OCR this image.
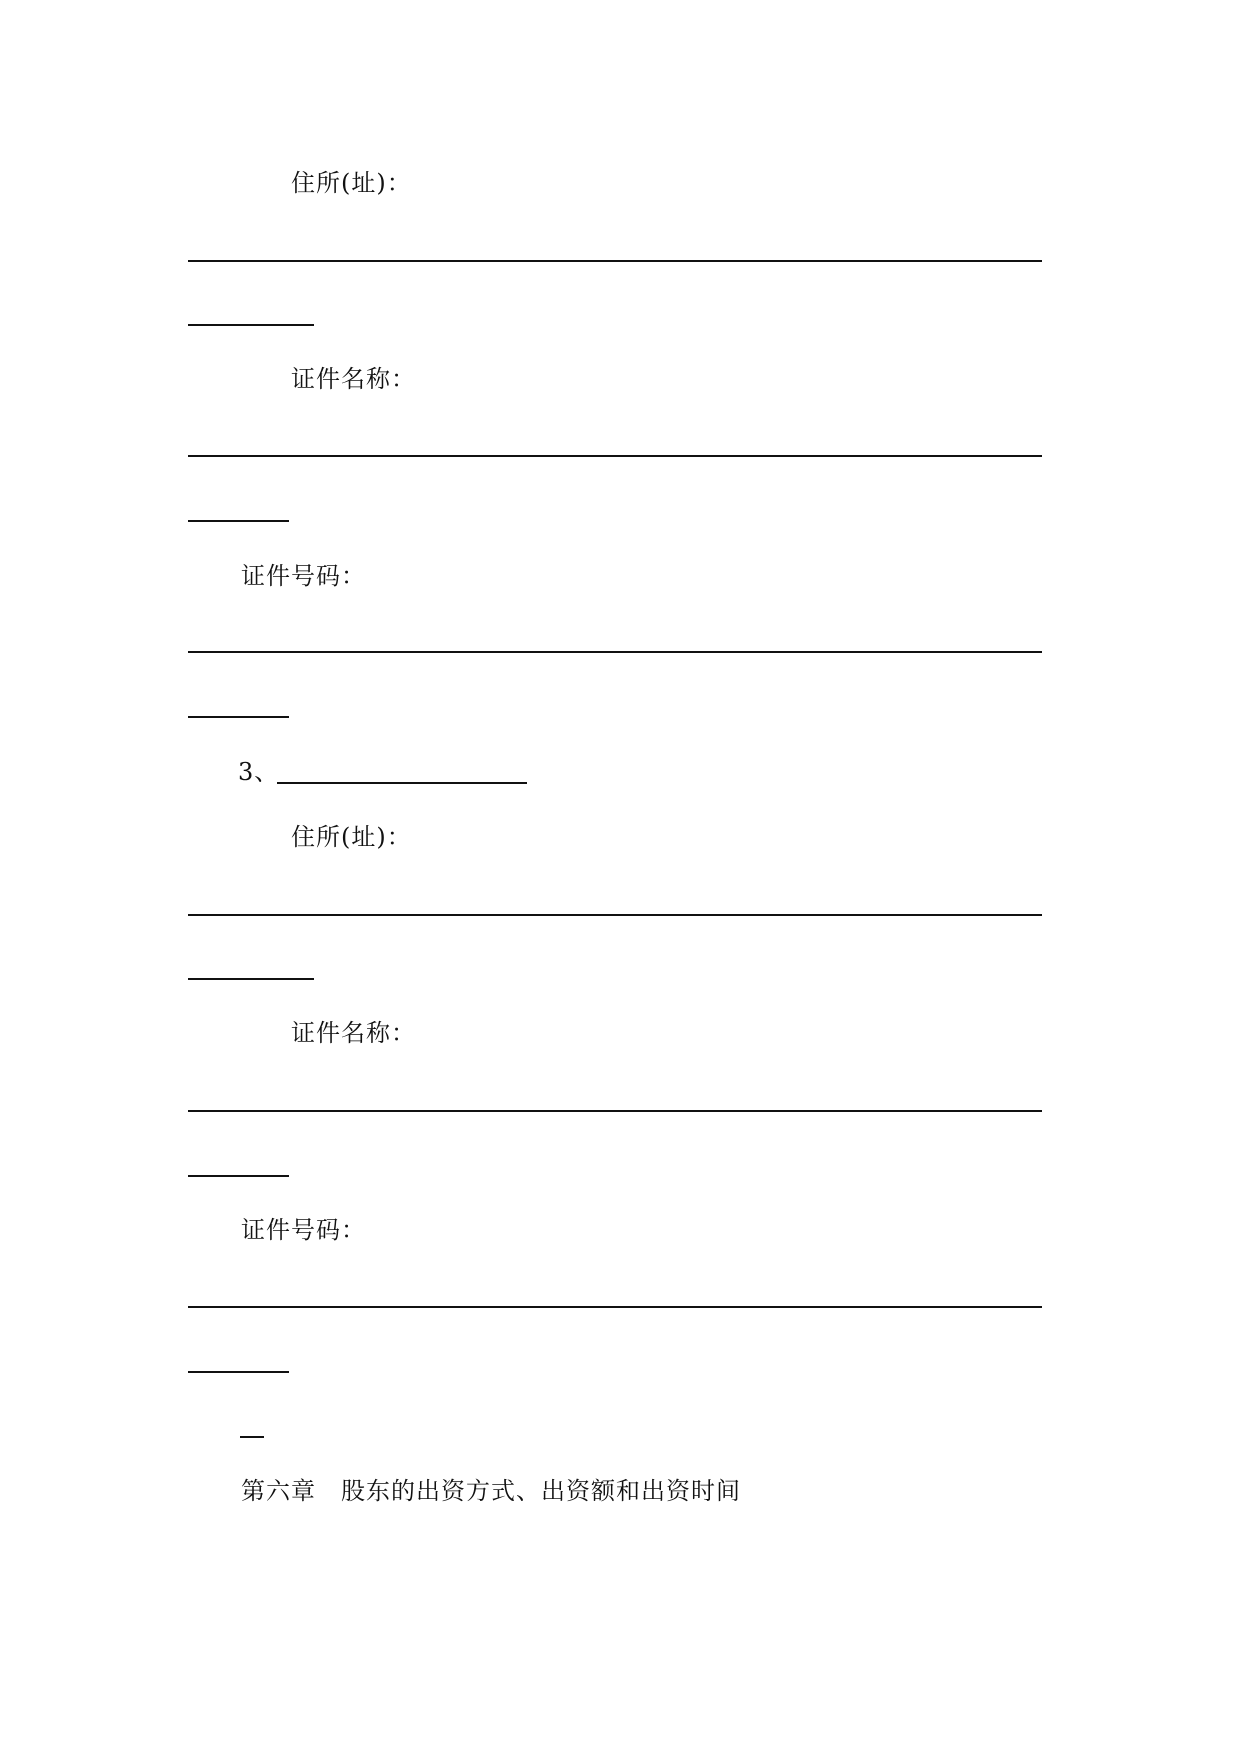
住所(址)：
证件名称：
证件号码：
3、
住所(址)：
证件名称：
证件号码：
第六章　股东的出资方式、出资额和出资时间
